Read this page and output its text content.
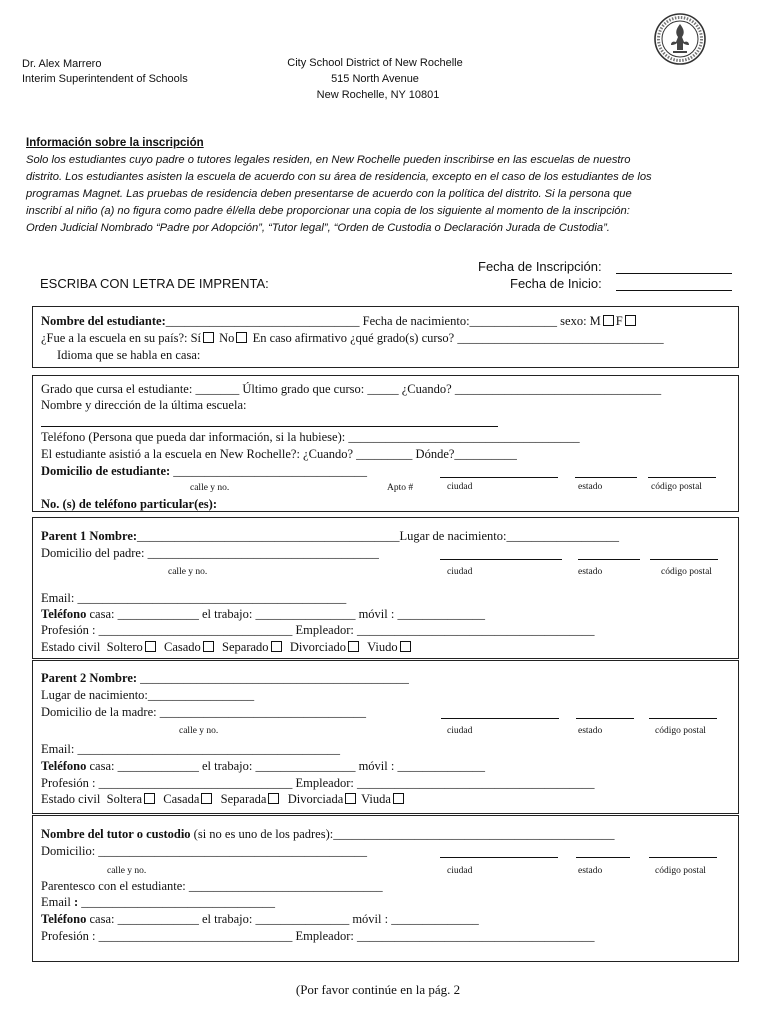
Dr. Alex Marrero
Interim Superintendent of Schools
City School District of New Rochelle
515 North Avenue
New Rochelle, NY 10801
Información sobre la inscripción
Solo los estudiantes cuyo padre o tutores legales residen, en New Rochelle pueden inscribirse en las escuelas de nuestro
distrito. Los estudiantes asisten la escuela de acuerdo con su área de residencia, excepto en el caso de los estudiantes de los
programas Magnet. Las pruebas de residencia deben presentarse de acuerdo con la política del distrito. Si la persona que
inscribí al niño (a) no figura como padre él/ella debe proporcionar una copia de los siguiente al momento de la inscripción:
Orden Judicial Nombrado “Padre por Adopción”, “Tutor legal”, “Orden de Custodia o Declaración Jurada de Custodia”.
ESCRIBA CON LETRA DE IMPRENTA:
Fecha de Inscripción:
Fecha de Inicio:
Nombre del estudiante:_______________________________ Fecha de nacimiento:______________ sexo: M F
¿Fue a la escuela en su país?: Sí No En caso afirmativo ¿qué grado(s) curso? _________________________________
Idioma que se habla en casa:
Grado que cursa el estudiante: _______ Último grado que curso: _____ ¿Cuando? _________________________________
Nombre y dirección de la última escuela:
Teléfono (Persona que pueda dar información, si la hubiese): _____________________________________
El estudiante asistió a la escuela en New Rochelle?: ¿Cuando? _________ Dónde?__________
Domicilio de estudiante: _______________________________
calle y no.	Apto #	ciudad	estado	código postal
No. (s) de teléfono particular(es):
Parent 1 Nombre:__________________________________________Lugar de nacimiento:__________________
Domicilio del padre: _____________________________________
calle y no.	ciudad	estado	código postal
Email: ___________________________________________
Teléfono casa: _____________ el trabajo: ________________ móvil : ______________
Profesión : _______________________________ Empleador: ______________________________________
Estado civil Soltero Casado Separado Divorciado Viudo
Parent 2 Nombre: ___________________________________________
Lugar de nacimiento:_________________
Domicilio de la madre: _________________________________
calle y no.	ciudad	estado	código postal
Email: __________________________________________
Teléfono casa: _____________ el trabajo: ________________ móvil : ______________
Profesión : _______________________________ Empleador: ______________________________________
Estado civil Soltera Casada Separada Divorciada Viuda
Nombre del tutor o custodio (si no es uno de los padres):_____________________________________________
Domicilio: ___________________________________________
calle y no.	ciudad	estado	código postal
Parentesco con el estudiante: _______________________________
Email : _______________________________
Teléfono casa: _____________ el trabajo: _______________ móvil : ______________
Profesión : _______________________________ Empleador: ______________________________________
(Por favor continúe en la pág. 2
